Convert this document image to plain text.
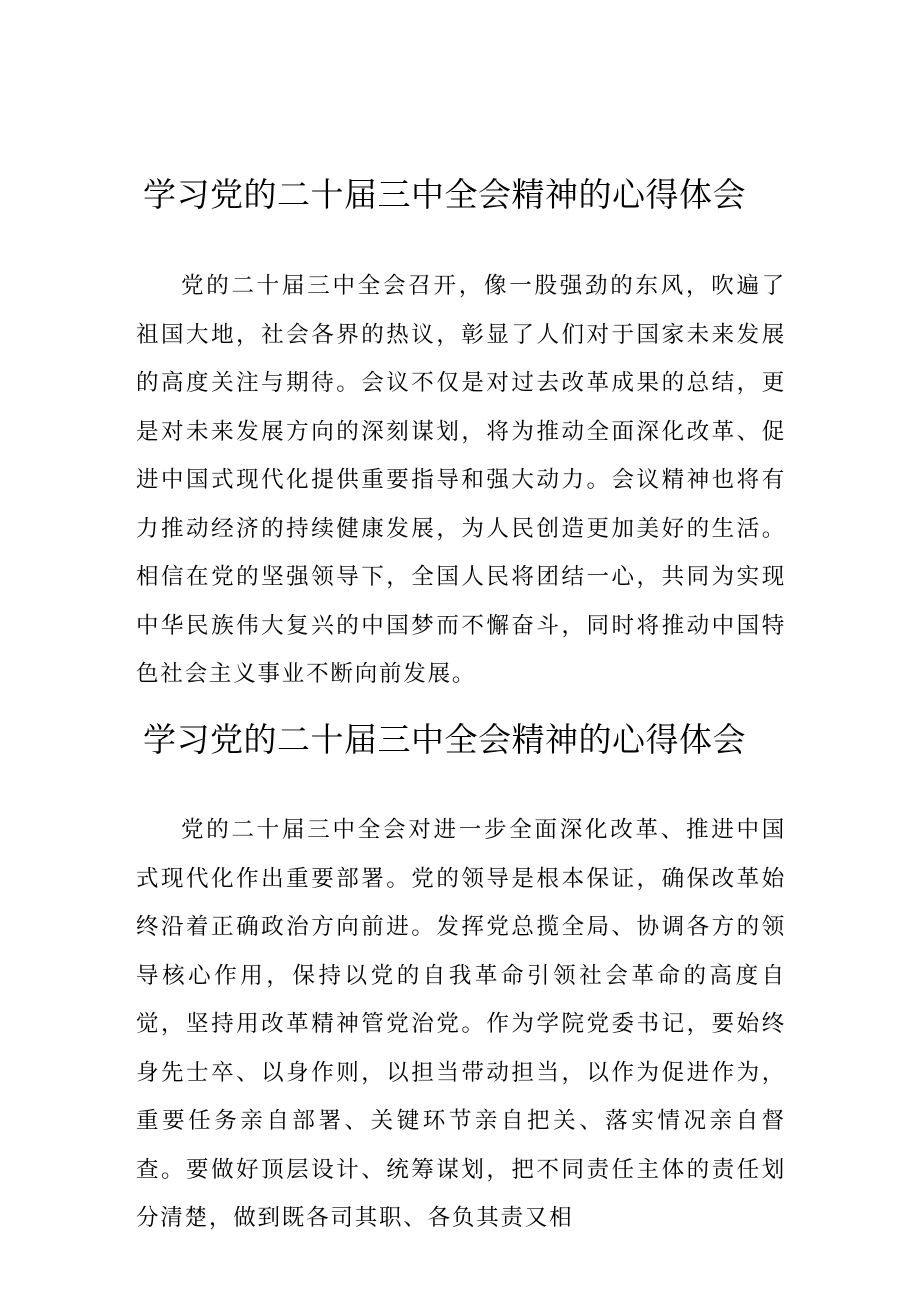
学习党的二十届三中全会精神的心得体会

党的二十届三中全会召开，像一股强劲的东风，吹遍了祖国大地，社会各界的热议，彰显了人们对于国家未来发展的高度关注与期待。会议不仅是对过去改革成果的总结，更是对未来发展方向的深刻谋划，将为推动全面深化改革、促进中国式现代化提供重要指导和强大动力。会议精神也将有力推动经济的持续健康发展，为人民创造更加美好的生活。相信在党的坚强领导下，全国人民将团结一心，共同为实现中华民族伟大复兴的中国梦而不懈奋斗，同时将推动中国特色社会主义事业不断向前发展。

学习党的二十届三中全会精神的心得体会

党的二十届三中全会对进一步全面深化改革、推进中国式现代化作出重要部署。党的领导是根本保证，确保改革始终沿着正确政治方向前进。发挥党总揽全局、协调各方的领导核心作用，保持以党的自我革命引领社会革命的高度自觉，坚持用改革精神管党治党。作为学院党委书记，要始终身先士卒、以身作则，以担当带动担当，以作为促进作为，重要任务亲自部署、关键环节亲自把关、落实情况亲自督查。要做好顶层设计、统筹谋划，把不同责任主体的责任划分清楚，做到既各司其职、各负其责又相
